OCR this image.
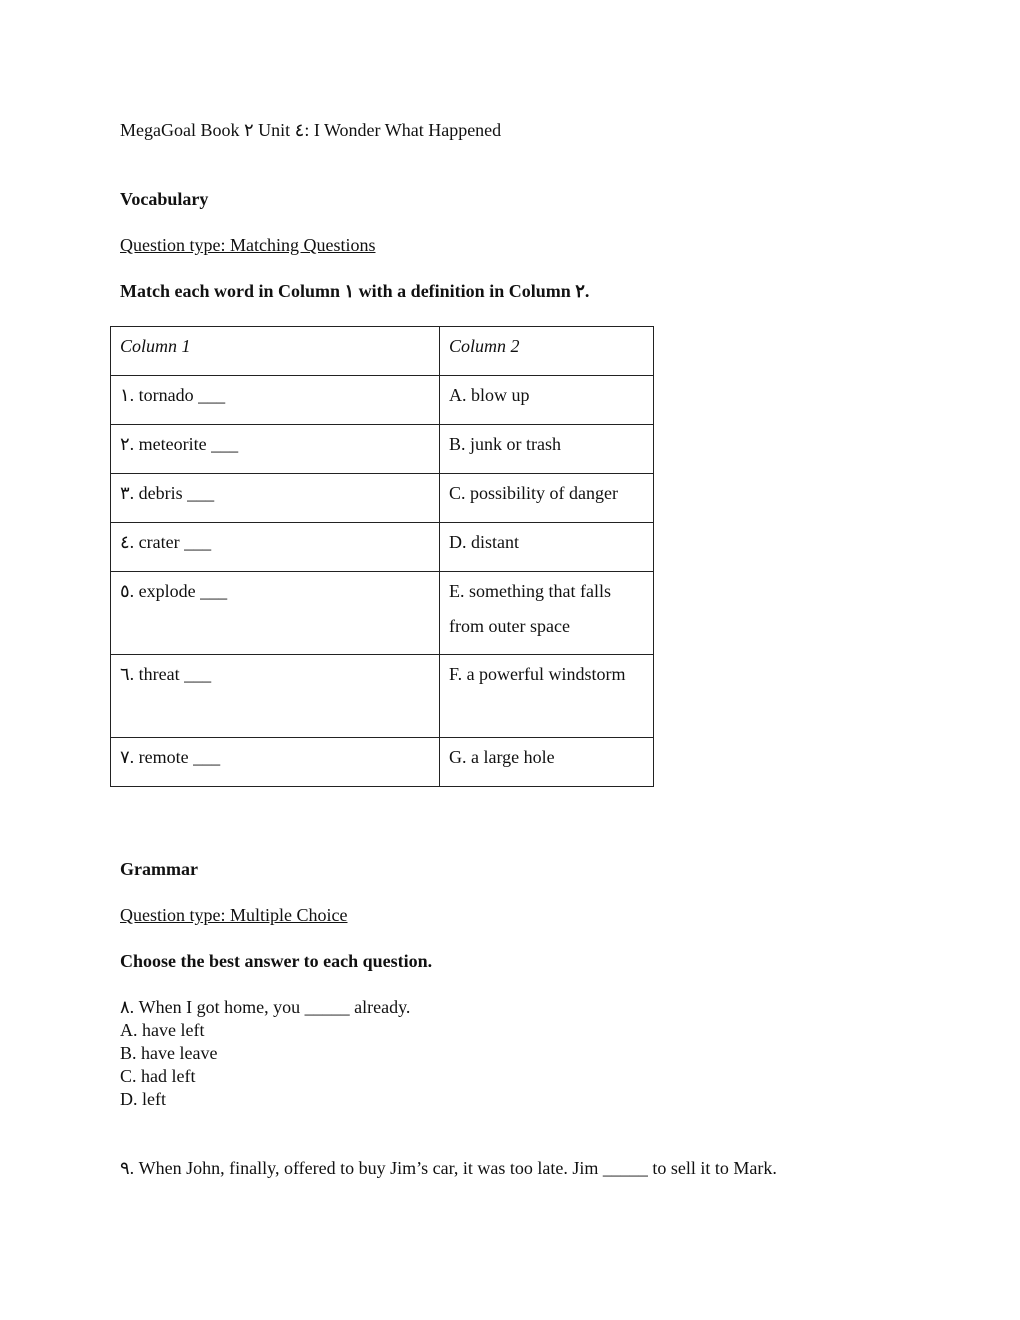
MegaGoal Book ٢ Unit ٤: I Wonder What Happened
Vocabulary
Question type: Matching Questions
Match each word in Column ١ with a definition in Column ٢.
Column 1	Column 2
١. tornado ___	A. blow up
٢. meteorite ___	B. junk or trash
٣. debris ___	C. possibility of danger
٤. crater ___	D. distant
٥. explode ___	E. something that falls from outer space
٦. threat ___	F. a powerful windstorm
٧. remote ___	G. a large hole
Grammar
Question type: Multiple Choice
Choose the best answer to each question.
٨. When I got home, you _____ already.
A. have left
B. have leave
C. had left
D. left
٩. When John, finally, offered to buy Jim’s car, it was too late. Jim _____ to sell it to Mark.
